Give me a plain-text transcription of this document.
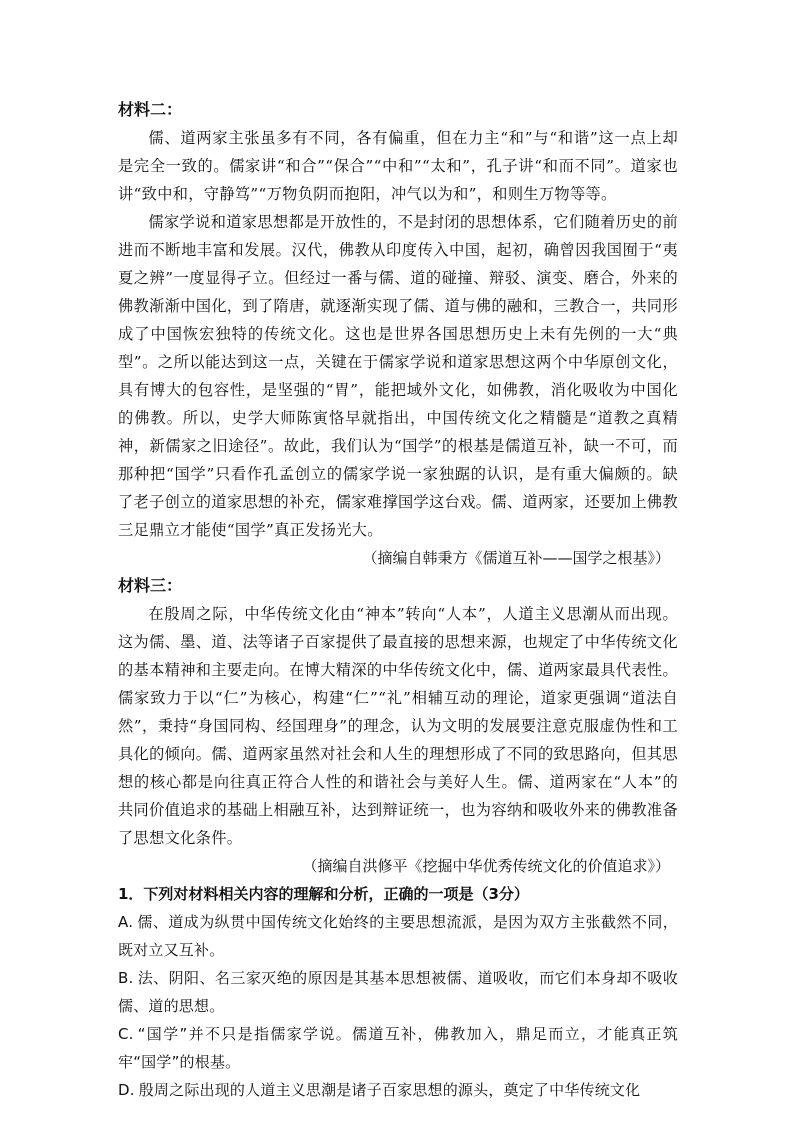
材料二：

儒、道两家主张虽多有不同，各有偏重，但在力主“和”与“和谐”这一点上却是完全一致的。儒家讲“和合”“保合”“中和”“太和”，孔子讲“和而不同”。道家也讲“致中和，守静笃”“万物负阴而抱阳，冲气以为和”，和则生万物等等。

儒家学说和道家思想都是开放性的，不是封闭的思想体系，它们随着历史的前进而不断地丰富和发展。汉代，佛教从印度传入中国，起初，确曾因我国囿于“夷夏之辨”一度显得孑立。但经过一番与儒、道的碰撞、辩驳、演变、磨合，外来的佛教渐渐中国化，到了隋唐，就逐渐实现了儒、道与佛的融和，三教合一，共同形成了中国恢宏独特的传统文化。这也是世界各国思想历史上未有先例的一大“典型”。之所以能达到这一点，关键在于儒家学说和道家思想这两个中华原创文化，具有博大的包容性，是坚强的“胃”，能把域外文化，如佛教，消化吸收为中国化的佛教。所以，史学大师陈寅恪早就指出，中国传统文化之精髓是“道教之真精神，新儒家之旧途径”。故此，我们认为“国学”的根基是儒道互补，缺一不可，而那种把“国学”只看作孔孟创立的儒家学说一家独踞的认识，是有重大偏颇的。缺了老子创立的道家思想的补充，儒家难撑国学这台戏。儒、道两家，还要加上佛教三足鼎立才能使“国学”真正发扬光大。

（摘编自韩秉方《儒道互补——国学之根基》）

材料三：

在殷周之际，中华传统文化由“神本”转向“人本”，人道主义思潮从而出现。这为儒、墨、道、法等诸子百家提供了最直接的思想来源，也规定了中华传统文化的基本精神和主要走向。在博大精深的中华传统文化中，儒、道两家最具代表性。儒家致力于以“仁”为核心，构建“仁”“礼”相辅互动的理论，道家更强调“道法自然”，秉持“身国同构、经国理身”的理念，认为文明的发展要注意克服虚伪性和工具化的倾向。儒、道两家虽然对社会和人生的理想形成了不同的致思路向，但其思想的核心都是向往真正符合人性的和谐社会与美好人生。儒、道两家在“人本”的共同价值追求的基础上相融互补，达到辩证统一，也为容纳和吸收外来的佛教准备了思想文化条件。

（摘编自洪修平《挖掘中华优秀传统文化的价值追求》）

1．下列对材料相关内容的理解和分析，正确的一项是（3分）

A. 儒、道成为纵贯中国传统文化始终的主要思想流派，是因为双方主张截然不同，既对立又互补。

B. 法、阴阳、名三家灭绝的原因是其基本思想被儒、道吸收，而它们本身却不吸收儒、道的思想。

C. “国学”并不只是指儒家学说。儒道互补，佛教加入，鼎足而立，才能真正筑牢“国学”的根基。

D. 殷周之际出现的人道主义思潮是诸子百家思想的源头，奠定了中华传统文化
